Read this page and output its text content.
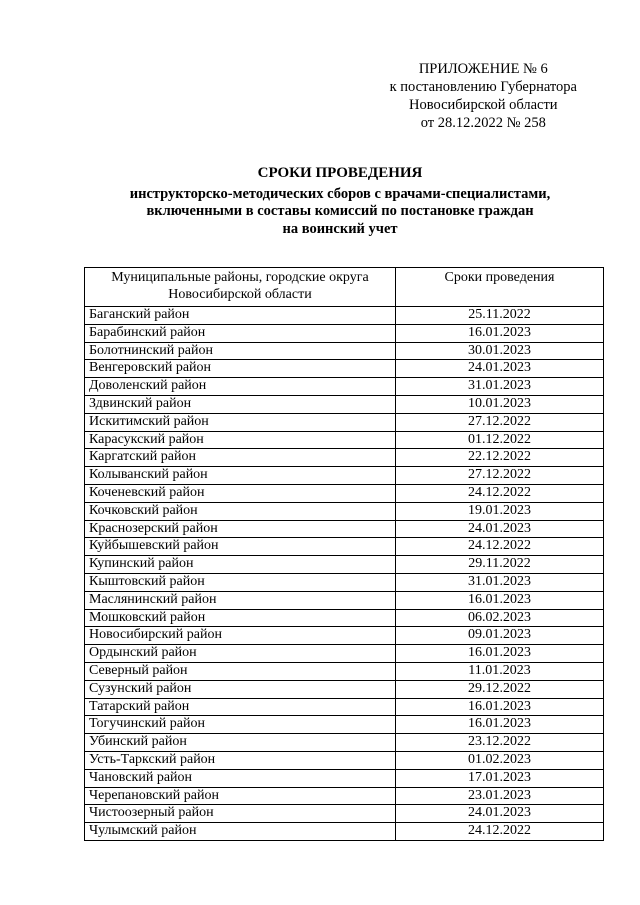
ПРИЛОЖЕНИЕ № 6
к постановлению Губернатора
Новосибирской области
от 28.12.2022 № 258
СРОКИ ПРОВЕДЕНИЯ
инструкторско-методических сборов с врачами-специалистами,
включенными в составы комиссий по постановке граждан
на воинский учет
Муниципальные районы, городские округа Новосибирской области	Сроки проведения
Баганский район	25.11.2022
Барабинский район	16.01.2023
Болотнинский район	30.01.2023
Венгеровский район	24.01.2023
Доволенский район	31.01.2023
Здвинский район	10.01.2023
Искитимский район	27.12.2022
Карасукский район	01.12.2022
Каргатский район	22.12.2022
Колыванский район	27.12.2022
Коченевский район	24.12.2022
Кочковский район	19.01.2023
Краснозерский район	24.01.2023
Куйбышевский район	24.12.2022
Купинский район	29.11.2022
Кыштовский район	31.01.2023
Маслянинский район	16.01.2023
Мошковский район	06.02.2023
Новосибирский район	09.01.2023
Ордынский район	16.01.2023
Северный район	11.01.2023
Сузунский район	29.12.2022
Татарский район	16.01.2023
Тогучинский район	16.01.2023
Убинский район	23.12.2022
Усть-Таркский район	01.02.2023
Чановский район	17.01.2023
Черепановский район	23.01.2023
Чистоозерный район	24.01.2023
Чулымский район	24.12.2022
